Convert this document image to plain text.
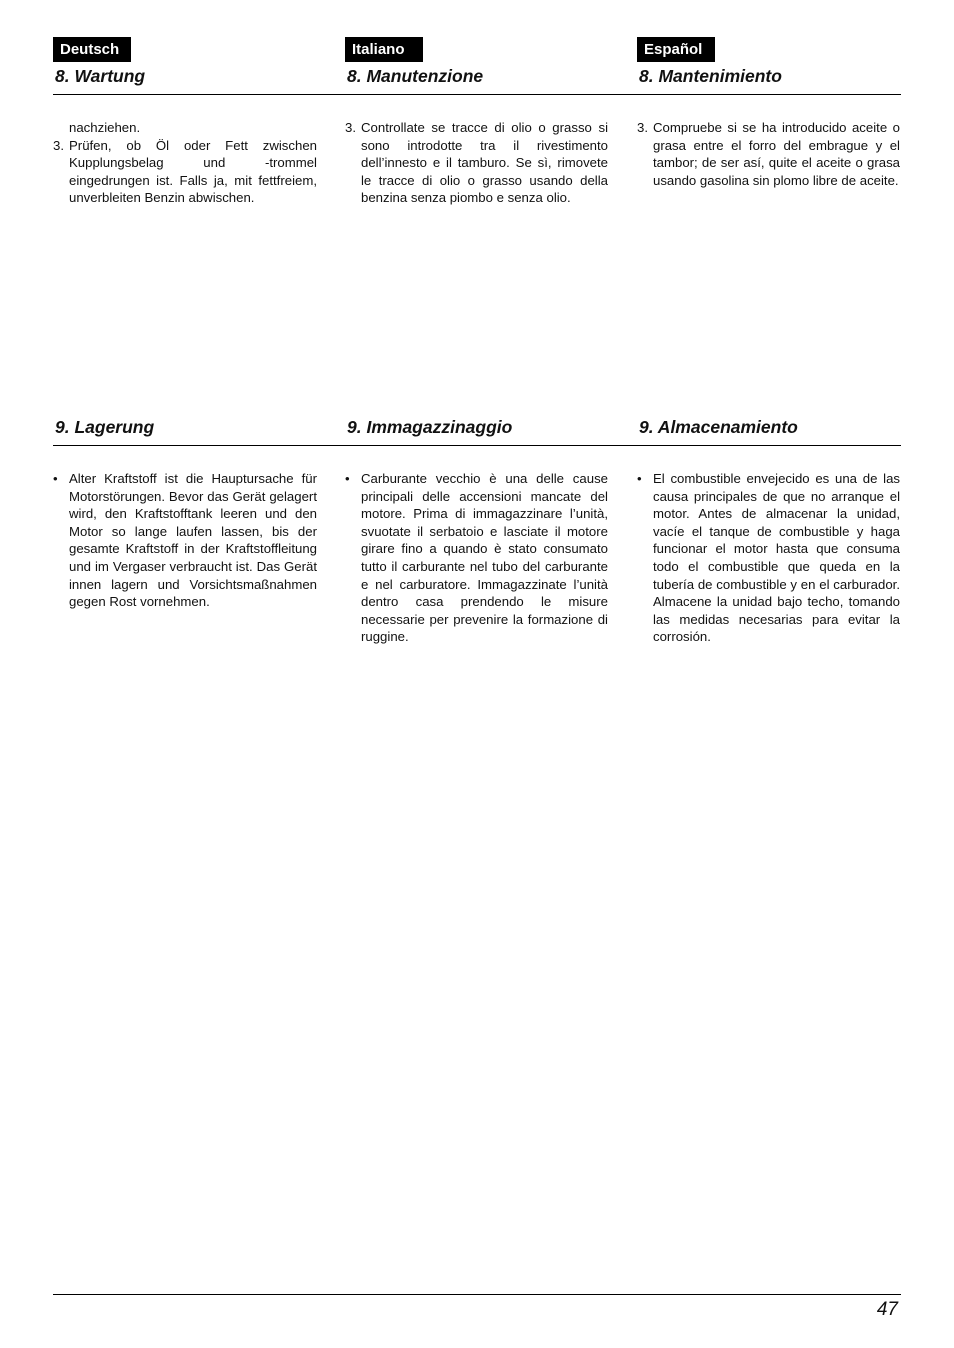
Deutsch	Italiano	Español
8. Wartung	8. Manutenzione	8. Mantenimiento

nachziehen.

3. Prüfen, ob Öl oder Fett zwischen Kupplungsbelag und -trommel eingedrungen ist. Falls ja, mit fettfreiem, unverbleiten Benzin abwischen.

3. Controllate se tracce di olio o grasso si sono introdotte tra il rivestimento dell’innesto e il tamburo. Se sì, rimovete le tracce di olio o grasso usando della benzina senza piombo e senza olio.

3. Compruebe si se ha introducido aceite o grasa entre el forro del embrague y el tambor; de ser así, quite el aceite o grasa usando gasolina sin plomo libre de aceite.

9. Lagerung	9. Immagazzinaggio	9. Almacenamiento
• Alter Kraftstoff ist die Hauptursache für Motorstörungen. Bevor das Gerät gelagert wird, den Kraftstofftank leeren und den Motor so lange laufen lassen, bis der gesamte Kraftstoff in der Kraftstoffleitung und im Vergaser verbraucht ist. Das Gerät innen lagern und Vorsichtsmaßnahmen gegen Rost vornehmen.

• Carburante vecchio è una delle cause principali delle accensioni mancate del motore. Prima di immagazzinare l’unità, svuotate il serbatoio e lasciate il motore girare fino a quando è stato consumato tutto il carburante nel tubo del carburante e nel carburatore. Immagazzinate l’unità dentro casa prendendo le misure necessarie per prevenire la formazione di ruggine.

• El combustible envejecido es una de las causa principales de que no arranque el motor. Antes de almacenar la unidad, vacíe el tanque de combustible y haga funcionar el motor hasta que consuma todo el combustible que queda en la tubería de combustible y en el carburador. Almacene la unidad bajo techo, tomando las medidas necesarias para evitar la corrosión.

47
